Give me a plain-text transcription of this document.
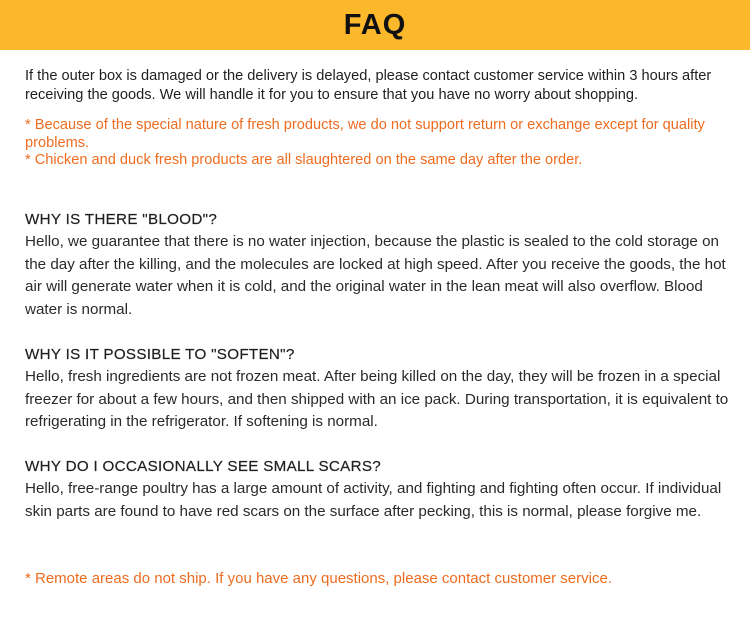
FAQ

If the outer box is damaged or the delivery is delayed, please contact customer service within 3 hours after receiving the goods. We will handle it for you to ensure that you have no worry about shopping.

* Because of the special nature of fresh products, we do not support return or exchange except for quality problems.

* Chicken and duck fresh products are all slaughtered on the same day after the order.

WHY IS THERE "BLOOD"?

Hello, we guarantee that there is no water injection, because the plastic is sealed to the cold storage on the day after the killing, and the molecules are locked at high speed. After you receive the goods, the hot air will generate water when it is cold, and the original water in the lean meat will also overflow. Blood water is normal.

WHY IS IT POSSIBLE TO "SOFTEN"?

Hello, fresh ingredients are not frozen meat. After being killed on the day, they will be frozen in a special freezer for about a few hours, and then shipped with an ice pack. During transportation, it is equivalent to refrigerating in the refrigerator. If softening is normal.

WHY DO I OCCASIONALLY SEE SMALL SCARS?

Hello, free-range poultry has a large amount of activity, and fighting and fighting often occur. If individual skin parts are found to have red scars on the surface after pecking, this is normal, please forgive me.

* Remote areas do not ship. If you have any questions, please contact customer service.
